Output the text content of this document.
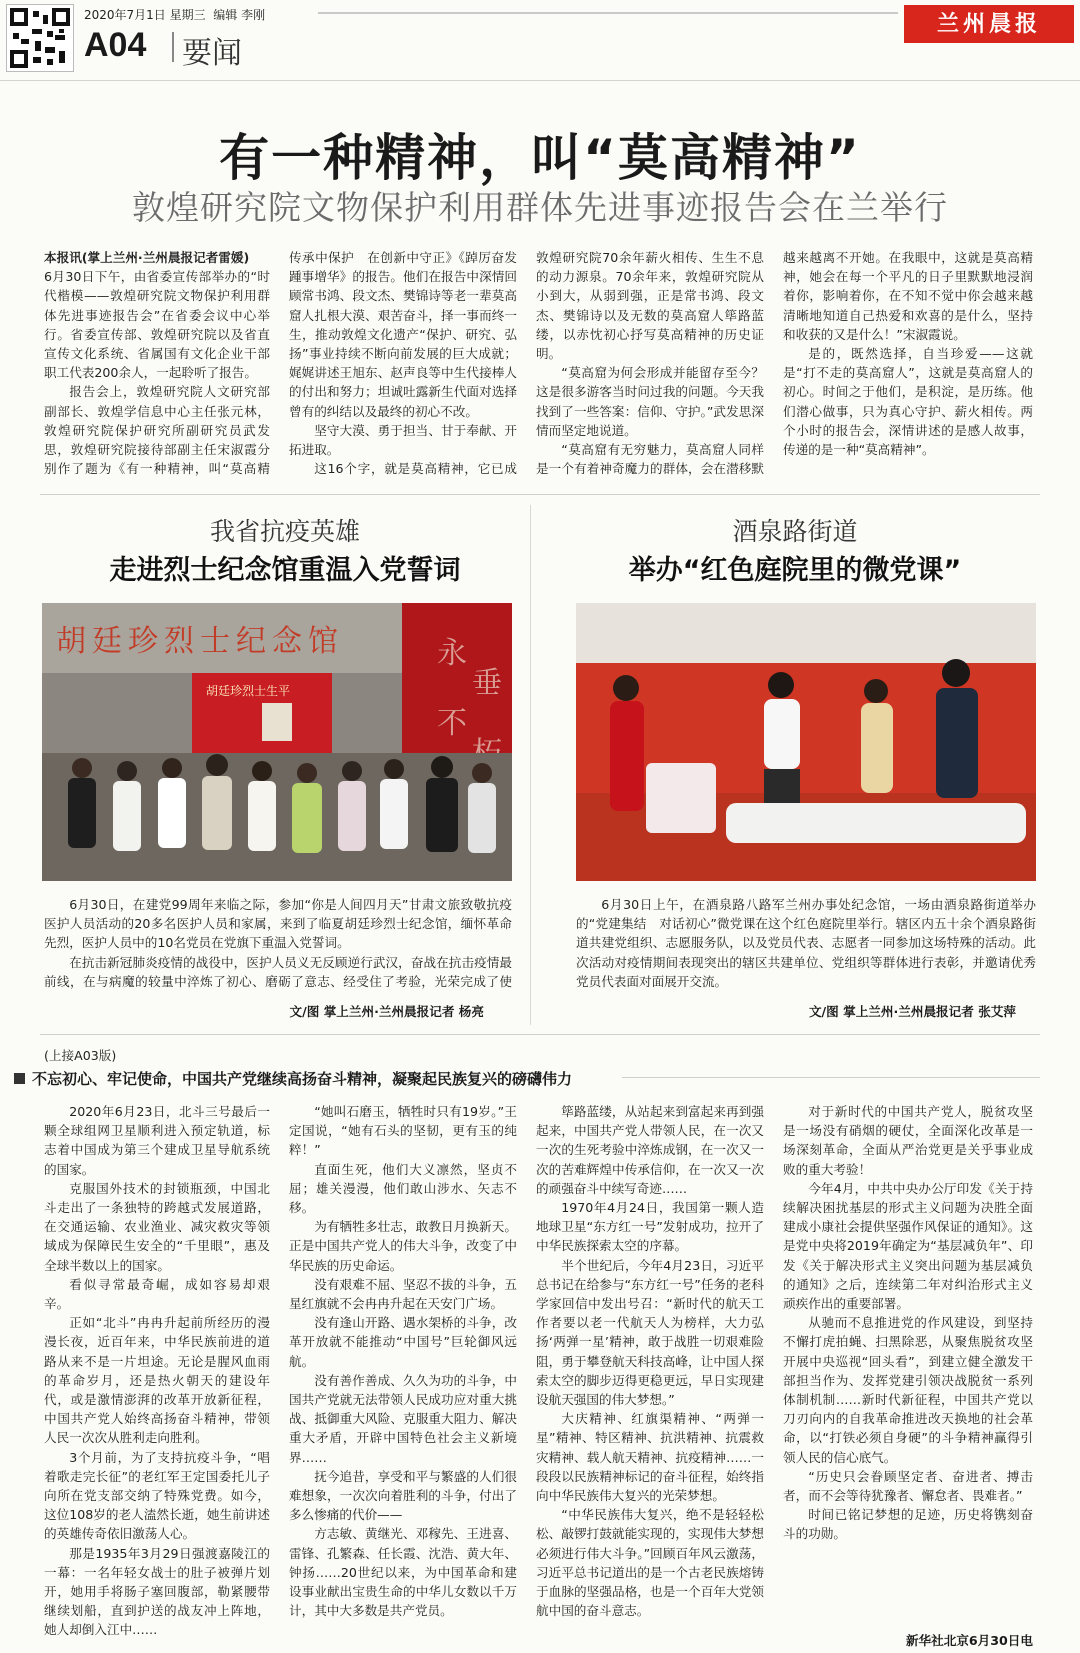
2020年7月1日 星期三 编辑 李刚
A04 要闻
兰州晨报
有一种精神，叫“莫高精神”
敦煌研究院文物保护利用群体先进事迹报告会在兰举行

本报讯(掌上兰州·兰州晨报记者雷媛)

6月30日下午，由省委宣传部举办的“时代楷模——敦煌研究院文物保护利用群体先进事迹报告会”在省委会议中心举行。省委宣传部、敦煌研究院以及省直宣传文化系统、省属国有文化企业干部职工代表200余人，一起聆听了报告。

报告会上，敦煌研究院人文研究部副部长、敦煌学信息中心主任张元林，敦煌研究院保护研究所副研究员武发思，敦煌研究院接待部副主任宋淑霞分别作了题为《有一种精神，叫“莫高精

传承中保护　在创新中守正》《踔厉奋发　踵事增华》的报告。他们在报告中深情回顾常书鸿、段文杰、樊锦诗等老一辈莫高窟人扎根大漠、艰苦奋斗，择一事而终一生，推动敦煌文化遗产“保护、研究、弘扬”事业持续不断向前发展的巨大成就；娓娓讲述王旭东、赵声良等中生代接棒人的付出和努力；坦诚吐露新生代面对选择曾有的纠结以及最终的初心不改。

坚守大漠、勇于担当、甘于奉献、开拓进取。

这16个字，就是莫高精神，它已成

敦煌研究院70余年薪火相传、生生不息的动力源泉。70余年来，敦煌研究院从小到大，从弱到强，正是常书鸿、段文杰、樊锦诗以及无数的莫高窟人筚路蓝缕，以赤忱初心抒写莫高精神的历史证明。

“莫高窟为何会形成并能留存至今？这是很多游客当时问过我的问题。今天我找到了一些答案：信仰、守护。”武发思深情而坚定地说道。

“莫高窟有无穷魅力，莫高窟人同样是一个有着神奇魔力的群体，会在潜移默

越来越离不开她。在我眼中，这就是莫高精神，她会在每一个平凡的日子里默默地浸润着你，影响着你，在不知不觉中你会越来越清晰地知道自己热爱和欢喜的是什么，坚持和收获的又是什么！”宋淑霞说。

是的，既然选择，自当珍爱——这就是“打不走的莫高窟人”，这就是莫高窟人的初心。时间之于他们，是积淀，是历练。他们潜心做事，只为真心守护、薪火相传。两个小时的报告会，深情讲述的是感人故事，传递的是一种“莫高精神”。

我省抗疫英雄
走进烈士纪念馆重温入党誓词
永
垂
不
胡廷珍烈士纪念馆
胡廷珍烈士生平

6月30日，在建党99周年来临之际，参加“你是人间四月天”甘肃文旅致敬抗疫医护人员活动的20多名医护人员和家属，来到了临夏胡廷珍烈士纪念馆，缅怀革命先烈，医护人员中的10名党员在党旗下重温入党誓词。

在抗击新冠肺炎疫情的战役中，医护人员义无反顾逆行武汉，奋战在抗击疫情最前线，在与病魔的较量中淬炼了初心、磨砺了意志、经受住了考验，光荣完成了使

文/图 掌上兰州·兰州晨报记者 杨亮
酒泉路街道
举办“红色庭院里的微党课”

6月30日上午，在酒泉路八路军兰州办事处纪念馆，一场由酒泉路街道举办的“党建集结　对话初心”微党课在这个红色庭院里举行。辖区内五十余个酒泉路街道共建党组织、志愿服务队，以及党员代表、志愿者一同参加这场特殊的活动。此次活动对疫情期间表现突出的辖区共建单位、党组织等群体进行表彰，并邀请优秀党员代表面对面展开交流。

文/图 掌上兰州·兰州晨报记者 张艾萍
(上接A03版)
不忘初心、牢记使命，中国共产党继续高扬奋斗精神，凝聚起民族复兴的磅礴伟力

2020年6月23日，北斗三号最后一颗全球组网卫星顺利进入预定轨道，标志着中国成为第三个建成卫星导航系统的国家。

克服国外技术的封锁瓶颈，中国北斗走出了一条独特的跨越式发展道路，在交通运输、农业渔业、减灾救灾等领域成为保障民生安全的“千里眼”，惠及全球半数以上的国家。

看似寻常最奇崛，成如容易却艰辛。

正如“北斗”冉冉升起前所经历的漫漫长夜，近百年来，中华民族前进的道路从来不是一片坦途。无论是腥风血雨的革命岁月，还是热火朝天的建设年代，或是激情澎湃的改革开放新征程，中国共产党人始终高扬奋斗精神，带领人民一次次从胜利走向胜利。

3个月前，为了支持抗疫斗争，“唱着歌走完长征”的老红军王定国委托儿子向所在党支部交纳了特殊党费。如今，这位108岁的老人溘然长逝，她生前讲述的英雄传奇依旧激荡人心。

那是1935年3月29日强渡嘉陵江的一幕：一名年轻女战士的肚子被弹片划开，她用手将肠子塞回腹部，勒紧腰带继续划船，直到护送的战友冲上阵地，她人却倒入江中……

“她叫石磨玉，牺牲时只有19岁。”王定国说，“她有石头的坚韧，更有玉的纯粹！”

直面生死，他们大义凛然，坚贞不屈；雄关漫漫，他们敢山涉水、矢志不移。

为有牺牲多壮志，敢教日月换新天。正是中国共产党人的伟大斗争，改变了中华民族的历史命运。

没有艰难不屈、坚忍不拔的斗争，五星红旗就不会冉冉升起在天安门广场。

没有逢山开路、遇水架桥的斗争，改革开放就不能推动“中国号”巨轮御风远航。

没有善作善成、久久为功的斗争，中国共产党就无法带领人民成功应对重大挑战、抵御重大风险、克服重大阻力、解决重大矛盾，开辟中国特色社会主义新境界……

抚今追昔，享受和平与繁盛的人们很难想象，一次次向着胜利的斗争，付出了多么惨痛的代价——

方志敏、黄继光、邓稼先、王进喜、雷锋、孔繁森、任长霞、沈浩、黄大年、钟扬……20世纪以来，为中国革命和建设事业献出宝贵生命的中华儿女数以千万计，其中大多数是共产党员。

筚路蓝缕，从站起来到富起来再到强起来，中国共产党人带领人民，在一次又一次的生死考验中淬炼成钢，在一次又一次的苦难辉煌中传承信仰，在一次又一次的顽强奋斗中续写奇迹……

1970年4月24日，我国第一颗人造地球卫星“东方红一号”发射成功，拉开了中华民族探索太空的序幕。

半个世纪后，今年4月23日，习近平总书记在给参与“东方红一号”任务的老科学家回信中发出号召：“新时代的航天工作者要以老一代航天人为榜样，大力弘扬‘两弹一星’精神，敢于战胜一切艰难险阻，勇于攀登航天科技高峰，让中国人探索太空的脚步迈得更稳更远，早日实现建设航天强国的伟大梦想。”

大庆精神、红旗渠精神、“两弹一星”精神、特区精神、抗洪精神、抗震救灾精神、载人航天精神、抗疫精神……一段段以民族精神标记的奋斗征程，始终指向中华民族伟大复兴的光荣梦想。

“中华民族伟大复兴，绝不是轻轻松松、敲锣打鼓就能实现的，实现伟大梦想必须进行伟大斗争。”回顾百年风云激荡，习近平总书记道出的是一个古老民族熔铸于血脉的坚强品格，也是一个百年大党领航中国的奋斗意志。

对于新时代的中国共产党人，脱贫攻坚是一场没有硝烟的硬仗，全面深化改革是一场深刻革命，全面从严治党更是关乎事业成败的重大考验！

今年4月，中共中央办公厅印发《关于持续解决困扰基层的形式主义问题为决胜全面建成小康社会提供坚强作风保证的通知》。这是党中央将2019年确定为“基层减负年”、印发《关于解决形式主义突出问题为基层减负的通知》之后，连续第二年对纠治形式主义顽疾作出的重要部署。

从驰而不息推进党的作风建设，到坚持不懈打虎拍蝇、扫黑除恶，从聚焦脱贫攻坚开展中央巡视“回头看”，到建立健全激发干部担当作为、发挥党建引领决战脱贫一系列体制机制……新时代新征程，中国共产党以刀刃向内的自我革命推进改天换地的社会革命，以“打铁必须自身硬”的斗争精神赢得引领人民的信心底气。

“历史只会眷顾坚定者、奋进者、搏击者，而不会等待犹豫者、懈怠者、畏难者。”

时间已铭记梦想的足迹，历史将镌刻奋斗的功勋。

新华社北京6月30日电
